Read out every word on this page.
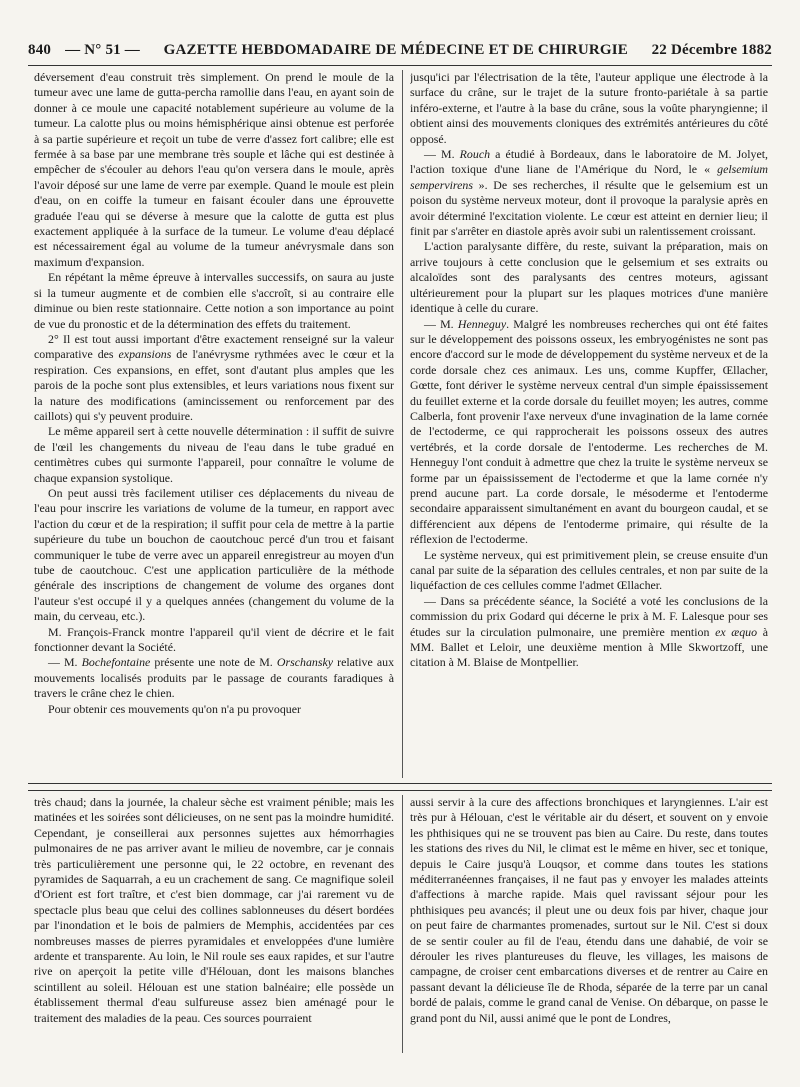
840 — N° 51 — GAZETTE HEBDOMADAIRE DE MÉDECINE ET DE CHIRURGIE 22 Décembre 1882

déversement d'eau construit très simplement. On prend le moule de la tumeur avec une lame de gutta-percha ramollie dans l'eau, en ayant soin de donner à ce moule une capacité notablement supérieure au volume de la tumeur. La calotte plus ou moins hémisphérique ainsi obtenue est perforée à sa partie supérieure et reçoit un tube de verre d'assez fort calibre; elle est fermée à sa base par une membrane très souple et lâche qui est destinée à empêcher de s'écouler au dehors l'eau qu'on versera dans le moule, après l'avoir déposé sur une lame de verre par exemple. Quand le moule est plein d'eau, on en coiffe la tumeur en faisant écouler dans une éprouvette graduée l'eau qui se déverse à mesure que la calotte de gutta est plus exactement appliquée à la surface de la tumeur. Le volume d'eau déplacé est nécessairement égal au volume de la tumeur anévrysmale dans son maximum d'expansion.

En répétant la même épreuve à intervalles successifs, on saura au juste si la tumeur augmente et de combien elle s'accroît, si au contraire elle diminue ou bien reste stationnaire. Cette notion a son importance au point de vue du pronostic et de la détermination des effets du traitement.

2° Il est tout aussi important d'être exactement renseigné sur la valeur comparative des expansions de l'anévrysme rythmées avec le cœur et la respiration. Ces expansions, en effet, sont d'autant plus amples que les parois de la poche sont plus extensibles, et leurs variations nous fixent sur la nature des modifications (amincissement ou renforcement par des caillots) qui s'y peuvent produire.

Le même appareil sert à cette nouvelle détermination : il suffit de suivre de l'œil les changements du niveau de l'eau dans le tube gradué en centimètres cubes qui surmonte l'appareil, pour connaître le volume de chaque expansion systolique.

On peut aussi très facilement utiliser ces déplacements du niveau de l'eau pour inscrire les variations de volume de la tumeur, en rapport avec l'action du cœur et de la respiration; il suffit pour cela de mettre à la partie supérieure du tube un bouchon de caoutchouc percé d'un trou et faisant communiquer le tube de verre avec un appareil enregistreur au moyen d'un tube de caoutchouc. C'est une application particulière de la méthode générale des inscriptions de changement de volume des organes dont l'auteur s'est occupé il y a quelques années (changement du volume de la main, du cerveau, etc.).

M. François-Franck montre l'appareil qu'il vient de décrire et le fait fonctionner devant la Société.

— M. Bochefontaine présente une note de M. Orschansky relative aux mouvements localisés produits par le passage de courants faradiques à travers le crâne chez le chien.

Pour obtenir ces mouvements qu'on n'a pu provoquer

jusqu'ici par l'électrisation de la tête, l'auteur applique une électrode à la surface du crâne, sur le trajet de la suture fronto-pariétale à sa partie inféro-externe, et l'autre à la base du crâne, sous la voûte pharyngienne; il obtient ainsi des mouvements cloniques des extrémités antérieures du côté opposé.

— M. Rouch a étudié à Bordeaux, dans le laboratoire de M. Jolyet, l'action toxique d'une liane de l'Amérique du Nord, le « gelsemium sempervirens ». De ses recherches, il résulte que le gelsemium est un poison du système nerveux moteur, dont il provoque la paralysie après en avoir déterminé l'excitation violente. Le cœur est atteint en dernier lieu; il finit par s'arrêter en diastole après avoir subi un ralentissement croissant.

L'action paralysante diffère, du reste, suivant la préparation, mais on arrive toujours à cette conclusion que le gelsemium et ses extraits ou alcaloïdes sont des paralysants des centres moteurs, agissant ultérieurement pour la plupart sur les plaques motrices d'une manière identique à celle du curare.

— M. Henneguy. Malgré les nombreuses recherches qui ont été faites sur le développement des poissons osseux, les embryogénistes ne sont pas encore d'accord sur le mode de développement du système nerveux et de la corde dorsale chez ces animaux. Les uns, comme Kupffer, Œllacher, Gœtte, font dériver le système nerveux central d'un simple épaississement du feuillet externe et la corde dorsale du feuillet moyen; les autres, comme Calberla, font provenir l'axe nerveux d'une invagination de la lame cornée de l'ectoderme, ce qui rapprocherait les poissons osseux des autres vertébrés, et la corde dorsale de l'entoderme. Les recherches de M. Henneguy l'ont conduit à admettre que chez la truite le système nerveux se forme par un épaississement de l'ectoderme et que la lame cornée n'y prend aucune part. La corde dorsale, le mésoderme et l'entoderme secondaire apparaissent simultanément en avant du bourgeon caudal, et se différencient aux dépens de l'entoderme primaire, qui résulte de la réflexion de l'ectoderme.

Le système nerveux, qui est primitivement plein, se creuse ensuite d'un canal par suite de la séparation des cellules centrales, et non par suite de la liquéfaction de ces cellules comme l'admet Œllacher.

— Dans sa précédente séance, la Société a voté les conclusions de la commission du prix Godard qui décerne le prix à M. F. Lalesque pour ses études sur la circulation pulmonaire, une première mention ex æquo à MM. Ballet et Leloir, une deuxième mention à Mlle Skwortzoff, une citation à M. Blaise de Montpellier.

très chaud; dans la journée, la chaleur sèche est vraiment pénible; mais les matinées et les soirées sont délicieuses, on ne sent pas la moindre humidité. Cependant, je conseillerai aux personnes sujettes aux hémorrhagies pulmonaires de ne pas arriver avant le milieu de novembre, car je connais très particulièrement une personne qui, le 22 octobre, en revenant des pyramides de Saquarrah, a eu un crachement de sang. Ce magnifique soleil d'Orient est fort traître, et c'est bien dommage, car j'ai rarement vu de spectacle plus beau que celui des collines sablonneuses du désert bordées par l'inondation et le bois de palmiers de Memphis, accidentées par ces nombreuses masses de pierres pyramidales et enveloppées d'une lumière ardente et transparente. Au loin, le Nil roule ses eaux rapides, et sur l'autre rive on aperçoit la petite ville d'Hélouan, dont les maisons blanches scintillent au soleil. Hélouan est une station balnéaire; elle possède un établissement thermal d'eau sulfureuse assez bien aménagé pour le traitement des maladies de la peau. Ces sources pourraient

aussi servir à la cure des affections bronchiques et laryngiennes. L'air est très pur à Hélouan, c'est le véritable air du désert, et souvent on y envoie les phthisiques qui ne se trouvent pas bien au Caire. Du reste, dans toutes les stations des rives du Nil, le climat est le même en hiver, sec et tonique, depuis le Caire jusqu'à Louqsor, et comme dans toutes les stations méditerranéennes françaises, il ne faut pas y envoyer les malades atteints d'affections à marche rapide. Mais quel ravissant séjour pour les phthisiques peu avancés; il pleut une ou deux fois par hiver, chaque jour on peut faire de charmantes promenades, surtout sur le Nil. C'est si doux de se sentir couler au fil de l'eau, étendu dans une dahabié, de voir se dérouler les rives plantureuses du fleuve, les villages, les maisons de campagne, de croiser cent embarcations diverses et de rentrer au Caire en passant devant la délicieuse île de Rhoda, séparée de la terre par un canal bordé de palais, comme le grand canal de Venise. On débarque, on passe le grand pont du Nil, aussi animé que le pont de Londres,
